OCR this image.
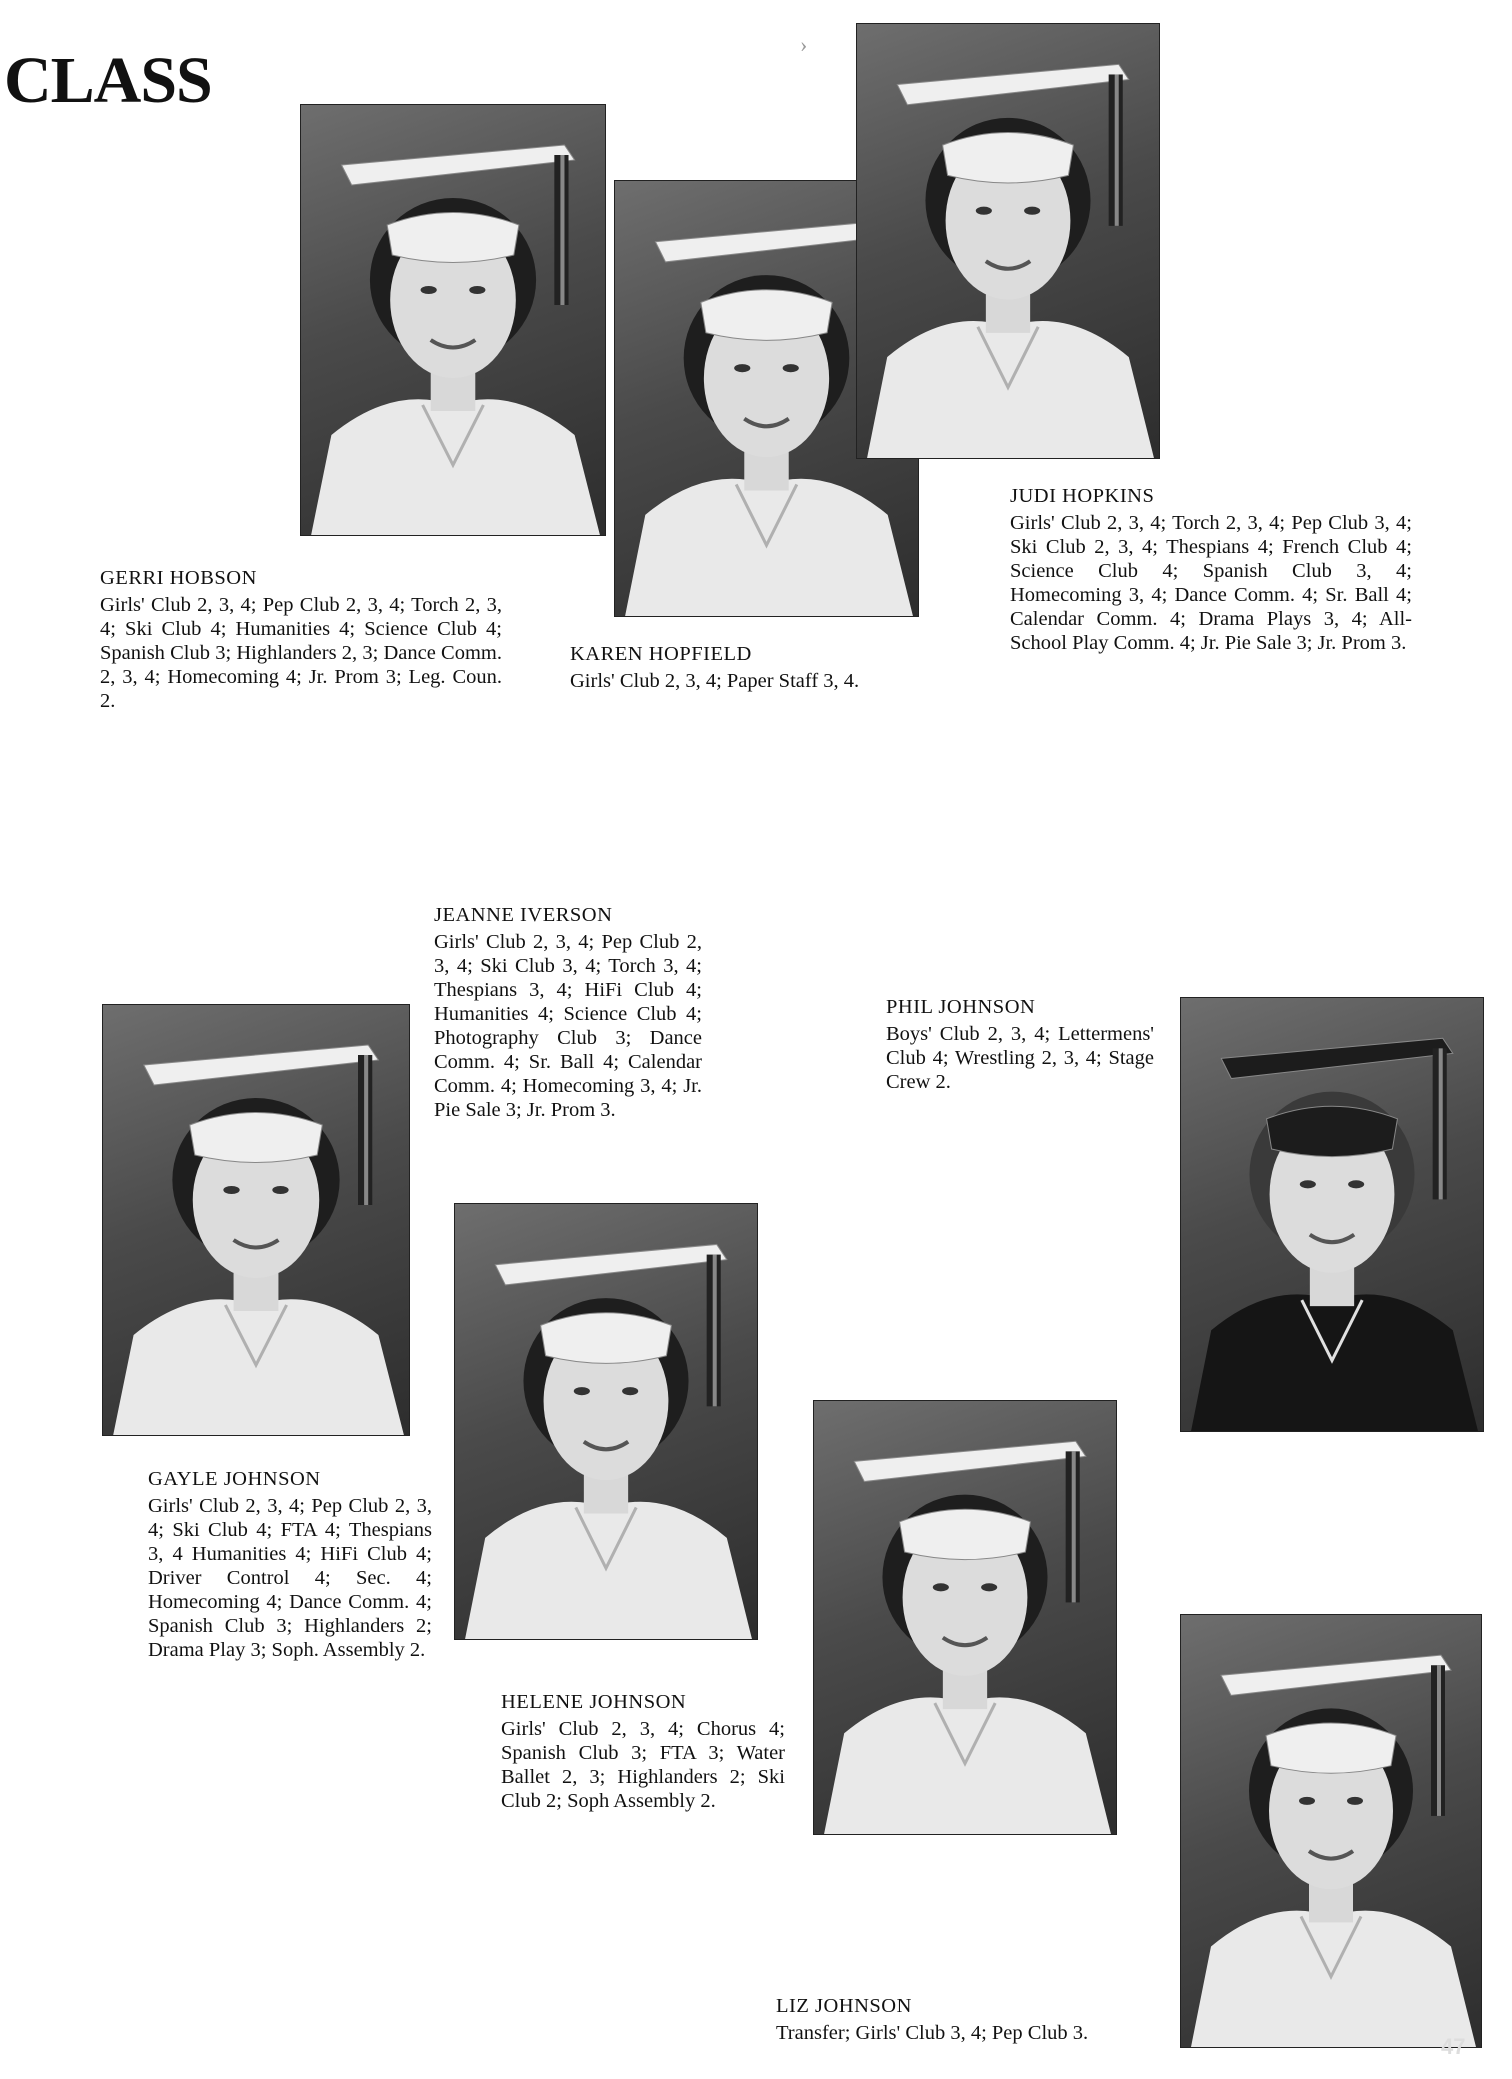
CLASS
GERRI HOBSON
Girls' Club 2, 3, 4; Pep Club 2, 3, 4; Torch 2, 3, 4; Ski Club 4; Humanities 4; Science Club 4; Spanish Club 3; Highlanders 2, 3; Dance Comm. 2, 3, 4; Homecoming 4; Jr. Prom 3; Leg. Coun. 2.
KAREN HOPFIELD
Girls' Club 2, 3, 4; Paper Staff 3, 4.
JUDI HOPKINS
Girls' Club 2, 3, 4; Torch 2, 3, 4; Pep Club 3, 4; Ski Club 2, 3, 4; Thespians 4; French Club 4; Science Club 4; Spanish Club 3, 4; Homecoming 3, 4; Dance Comm. 4; Sr. Ball 4; Calendar Comm. 4; Drama Plays 3, 4; All-School Play Comm. 4; Jr. Pie Sale 3; Jr. Prom 3.
JEANNE IVERSON
Girls' Club 2, 3, 4; Pep Club 2, 3, 4; Ski Club 3, 4; Torch 3, 4; Thespians 3, 4; HiFi Club 4; Humanities 4; Science Club 4; Photography Club 3; Dance Comm. 4; Sr. Ball 4; Calendar Comm. 4; Homecoming 3, 4; Jr. Pie Sale 3; Jr. Prom 3.
PHIL JOHNSON
Boys' Club 2, 3, 4; Lettermens' Club 4; Wrestling 2, 3, 4; Stage Crew 2.
GAYLE JOHNSON
Girls' Club 2, 3, 4; Pep Club 2, 3, 4; Ski Club 4; FTA 4; Thespians 3, 4 Humanities 4; HiFi Club 4; Driver Control 4; Sec. 4; Homecoming 4; Dance Comm. 4; Spanish Club 3; Highlanders 2; Drama Play 3; Soph. Assembly 2.
HELENE JOHNSON
Girls' Club 2, 3, 4; Chorus 4; Spanish Club 3; FTA 3; Water Ballet 2, 3; Highlanders 2; Ski Club 2; Soph Assembly 2.
LIZ JOHNSON
Transfer; Girls' Club 3, 4; Pep Club 3.
›
47
